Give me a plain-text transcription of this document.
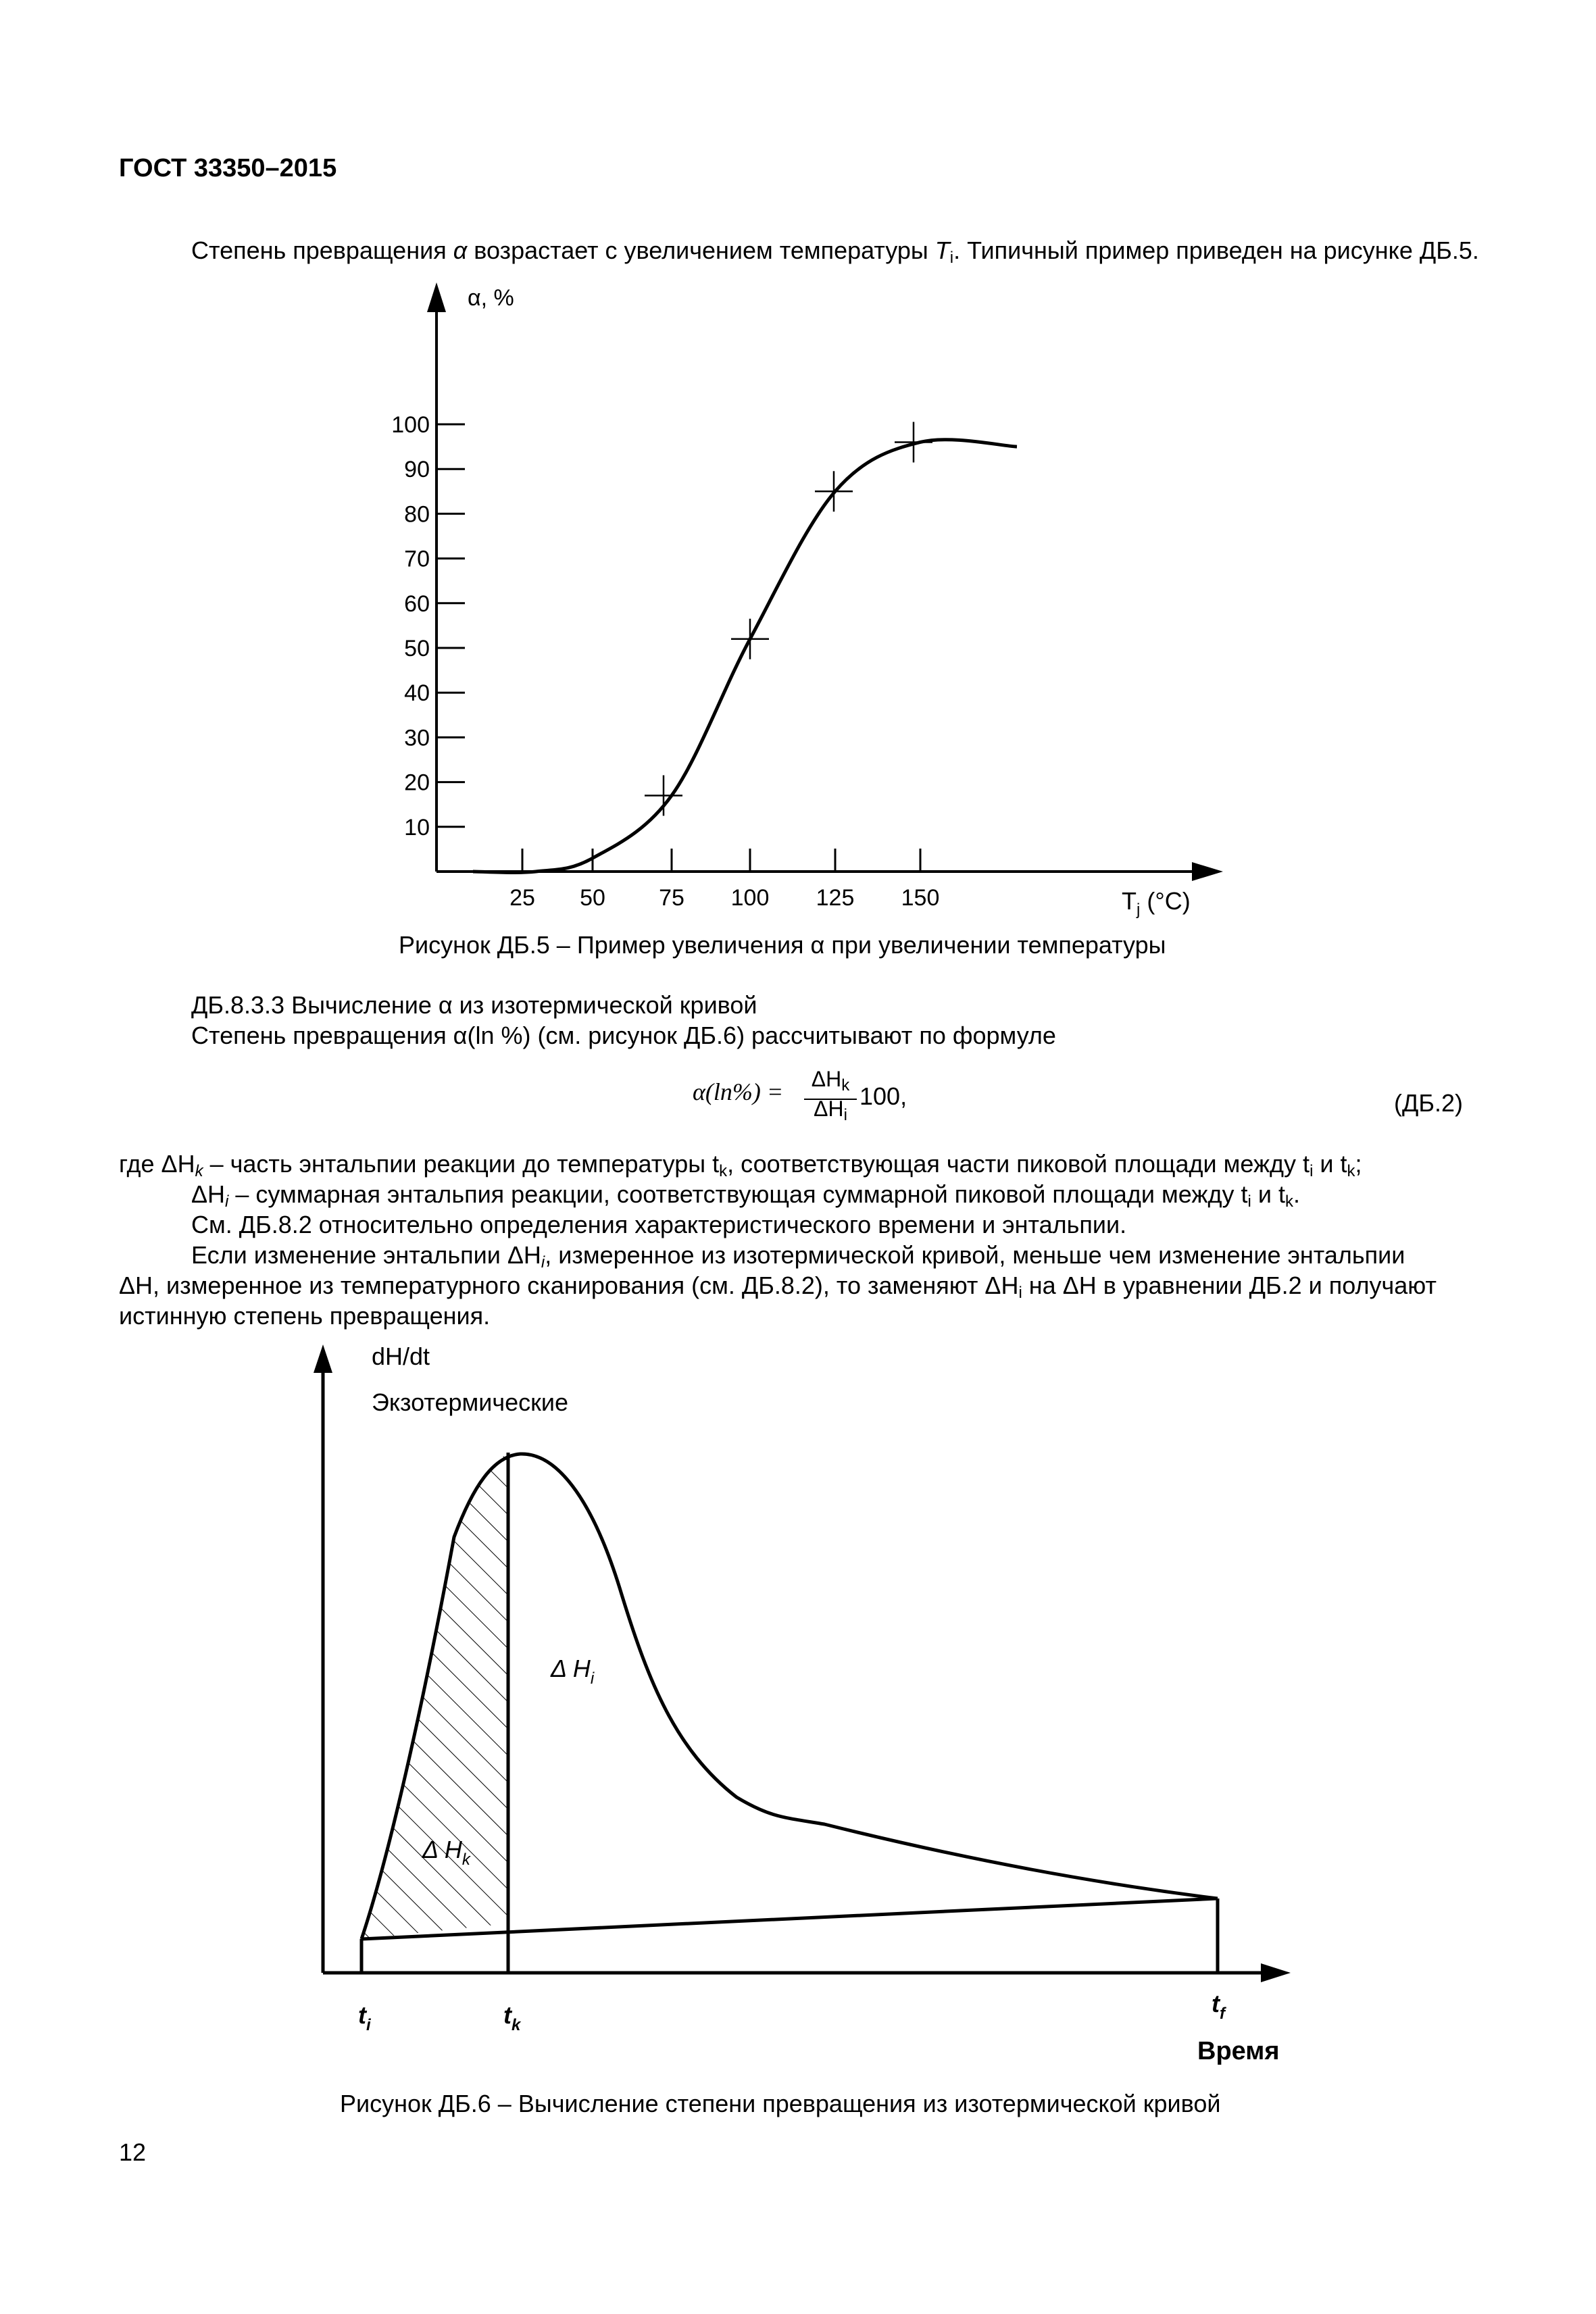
ГОСТ 33350–2015
Степень превращения α возрастает с увеличением температуры $T_i$. Типичный пример приведен на рисунке ДБ.5.
α, %
$T_j$ (°C)
10
20
30
40
50
60
70
80
90
100
25 50 75 100 125 150
Рисунок ДБ.5 – Пример увеличения α при увеличении температуры
ДБ.8.3.3 Вычисление α из изотермической кривой
Степень превращения α(ln %) (см. рисунок ДБ.6) рассчитывают по формуле
α(ln%) =	$\Delta H_k$
$\Delta H_i$
100,	(ДБ.2)
где $\Delta H_k$ – часть энтальпии реакции до температуры $t_k$, соответствующая части пиковой площади между $t_i$ и $t_k$;
$\Delta H_i$ – суммарная энтальпия реакции, соответствующая суммарной пиковой площади между $t_i$ и $t_k$.
См. ДБ.8.2 относительно определения характеристического времени и энтальпии.
Если изменение энтальпии $\Delta H_i$, измеренное из изотермической кривой, меньше чем изменение энтальпии
ΔH, измеренное из температурного сканирования (см. ДБ.8.2), то заменяют $\Delta H_i$ на ΔH в уравнении ДБ.2 и получают
истинную степень превращения.
dH/dt
Экзотермические
Δ $H_i$
Δ $H_k$
$t_i$	$t_k$
$t_f$
Время
Рисунок ДБ.6 – Вычисление степени превращения из изотермической кривой
12
